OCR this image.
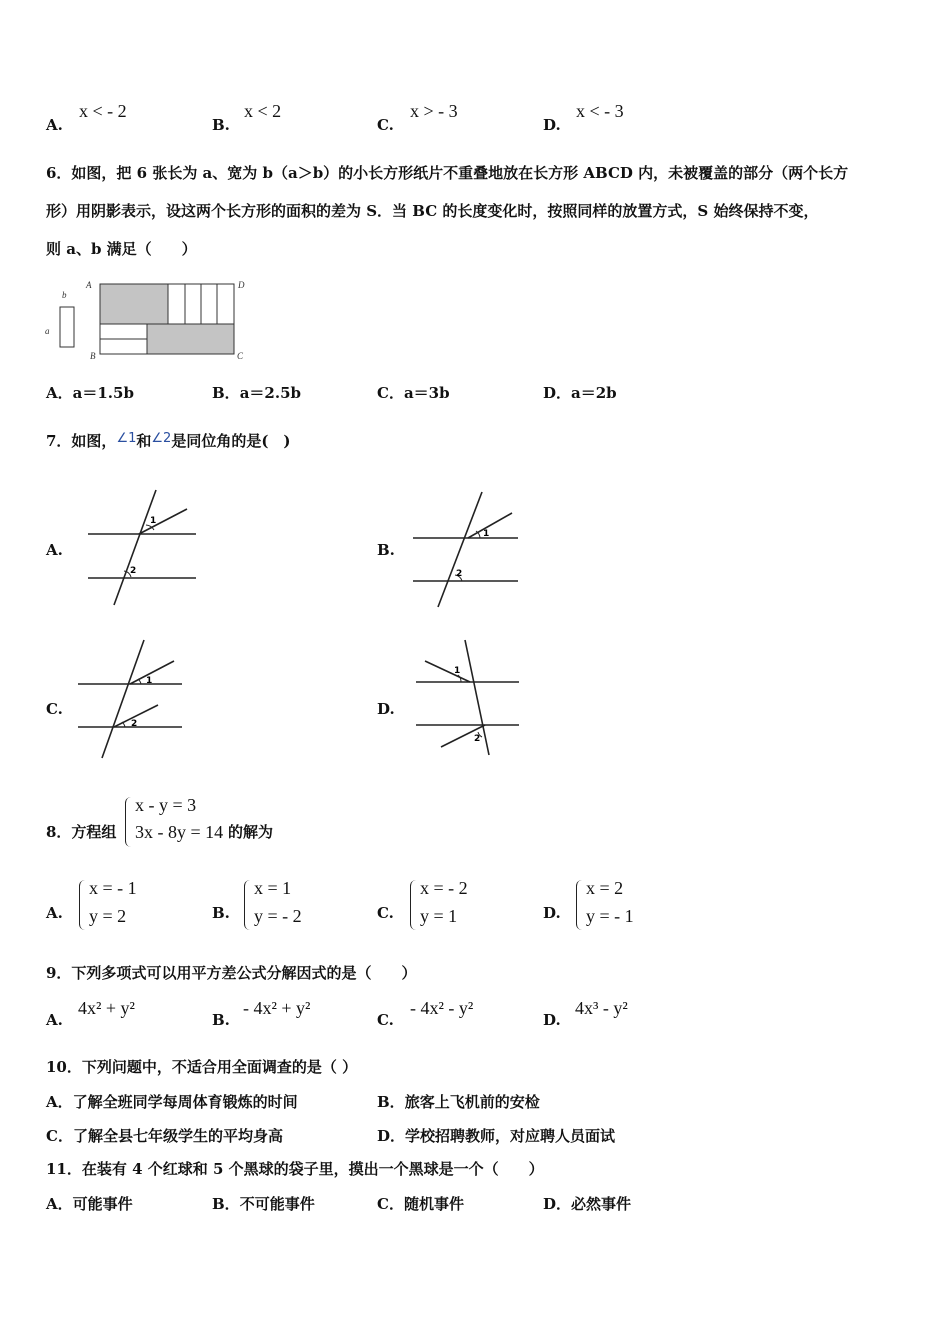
A.
x < - 2
B.
x < 2
C.
x > - 3
D.
x < - 3
6．如图，把 6 张长为 a、宽为 b（a＞b）的小长方形纸片不重叠地放在长方形 ABCD 内，未被覆盖的部分（两个长方
形）用阴影表示，设这两个长方形的面积的差为 S．当 BC 的长度变化时，按照同样的放置方式，S 始终保持不变，
则 a、b 满足（　　）
b
a
A
B	C
D
A．a＝1.5b	B．a＝2.5b	C．a＝3b	D．a＝2b
7．如图，∠1和∠2是同位角的是(　)
A.
1
2
B.
1
2
C.
1
2
D.
1
2
8．方程组
x - y = 3
3x - 8y = 14 的解为
A.
x = - 1
y = 2	B.
x = 1
y = - 2	C.
x = - 2
y = 1	D.
x = 2
y = - 1
9．下列多项式可以用平方差公式分解因式的是（　　）
A.
4x² + y²
B.
- 4x² + y²
C.
- 4x² - y²
D.
4x³ - y²
10．下列问题中，不适合用全面调查的是（ ）
A．了解全班同学每周体育锻炼的时间	B．旅客上飞机前的安检
C．了解全县七年级学生的平均身高	D．学校招聘教师，对应聘人员面试
11．在装有 4 个红球和 5 个黑球的袋子里，摸出一个黑球是一个（　　）
A．可能事件	B．不可能事件	C．随机事件	D．必然事件
